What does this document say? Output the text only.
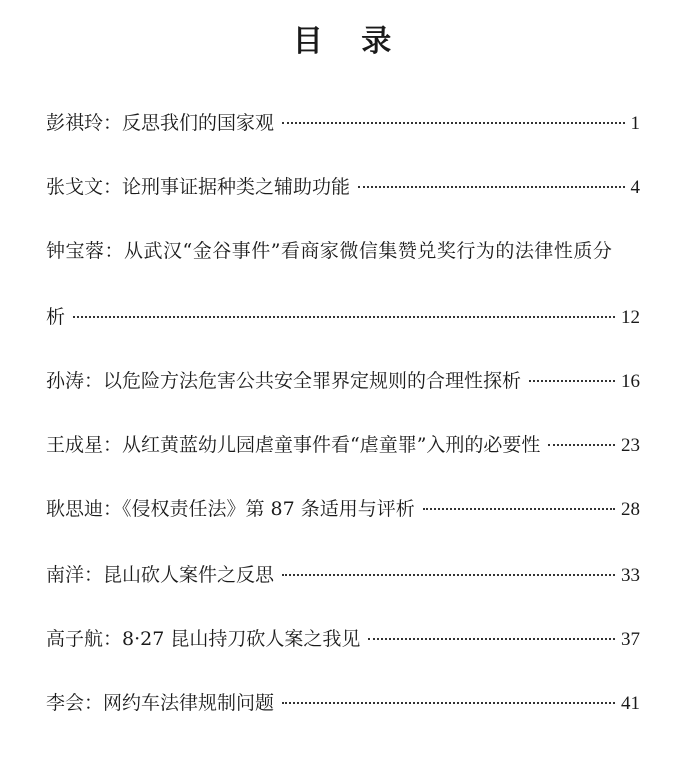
目 录
彭祺玲：反思我们的国家观	1
张戈文：论刑事证据种类之辅助功能	4
钟宝蓉：从武汉“金谷事件”看商家微信集赞兑奖行为的法律性质分
析	12
孙涛：以危险方法危害公共安全罪界定规则的合理性探析	16
王成星：从红黄蓝幼儿园虐童事件看“虐童罪”入刑的必要性	23
耿思迪：《侵权责任法》第 87 条适用与评析	28
南洋：昆山砍人案件之反思	33
高子航：8·27 昆山持刀砍人案之我见	37
李会：网约车法律规制问题	41
